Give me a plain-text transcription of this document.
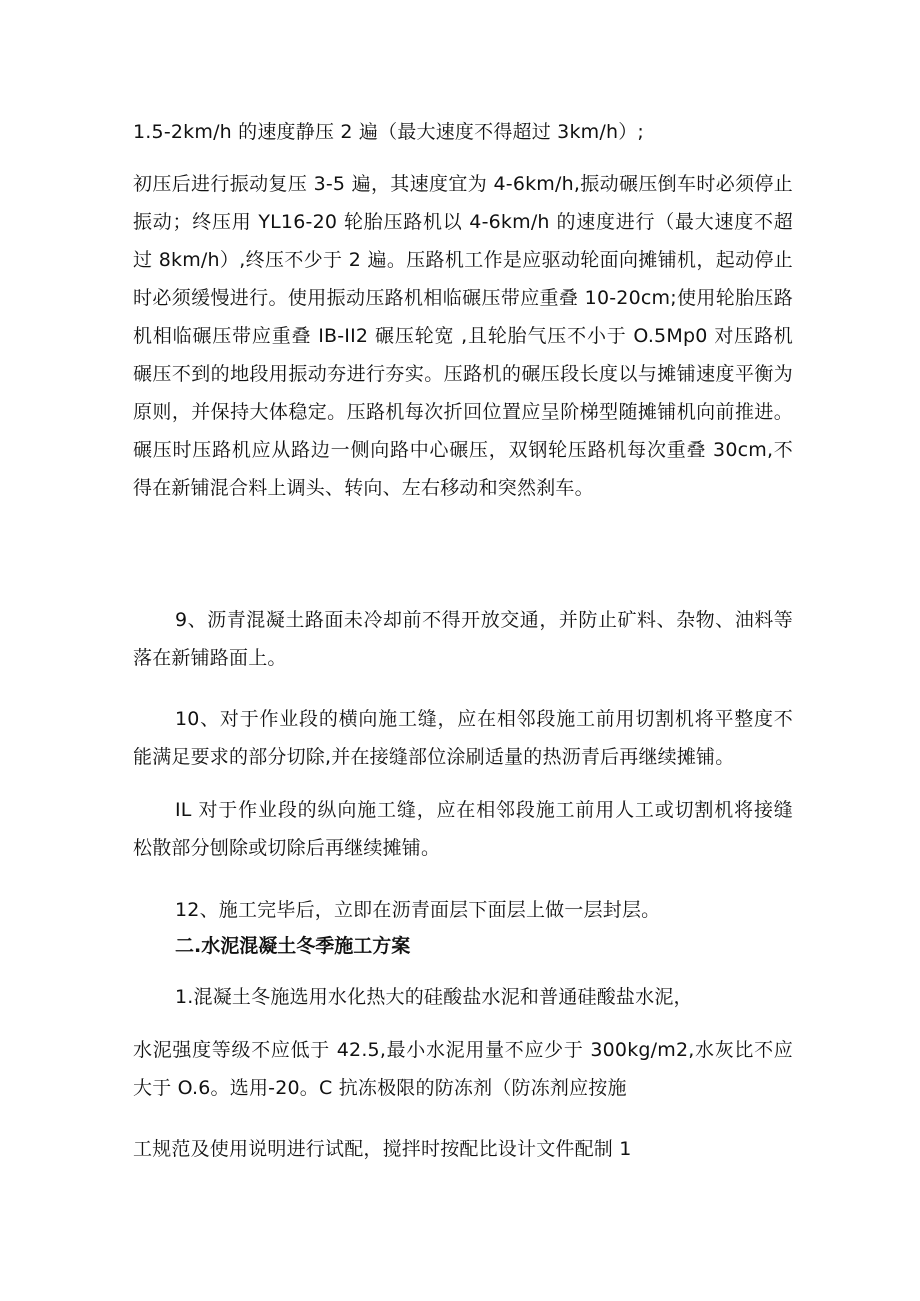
1.5-2km/h 的速度静压 2 遍（最大速度不得超过 3km/h）;

初压后进行振动复压 3-5 遍，其速度宜为 4-6km/h,振动碾压倒车时必须停止振动；终压用 YL16-20 轮胎压路机以 4-6km/h 的速度进行（最大速度不超过 8km/h）,终压不少于 2 遍。压路机工作是应驱动轮面向摊铺机，起动停止时必须缓慢进行。使用振动压路机相临碾压带应重叠 10-20cm;使用轮胎压路机相临碾压带应重叠 IB-II2 碾压轮宽 ,且轮胎气压不小于 O.5Mp0 对压路机碾压不到的地段用振动夯进行夯实。压路机的碾压段长度以与摊铺速度平衡为原则，并保持大体稳定。压路机每次折回位置应呈阶梯型随摊铺机向前推进。碾压时压路机应从路边一侧向路中心碾压，双钢轮压路机每次重叠 30cm,不得在新铺混合料上调头、转向、左右移动和突然刹车。

9、沥青混凝土路面未冷却前不得开放交通，并防止矿料、杂物、油料等落在新铺路面上。

10、对于作业段的横向施工缝，应在相邻段施工前用切割机将平整度不能满足要求的部分切除,并在接缝部位涂刷适量的热沥青后再继续摊铺。

IL 对于作业段的纵向施工缝，应在相邻段施工前用人工或切割机将接缝松散部分刨除或切除后再继续摊铺。

12、施工完毕后，立即在沥青面层下面层上做一层封层。

二.水泥混凝土冬季施工方案

1.混凝土冬施选用水化热大的硅酸盐水泥和普通硅酸盐水泥，

水泥强度等级不应低于 42.5,最小水泥用量不应少于 300kg/m2,水灰比不应大于 O.6。选用-20。C 抗冻极限的防冻剂（防冻剂应按施

工规范及使用说明进行试配，搅拌时按配比设计文件配制 1
